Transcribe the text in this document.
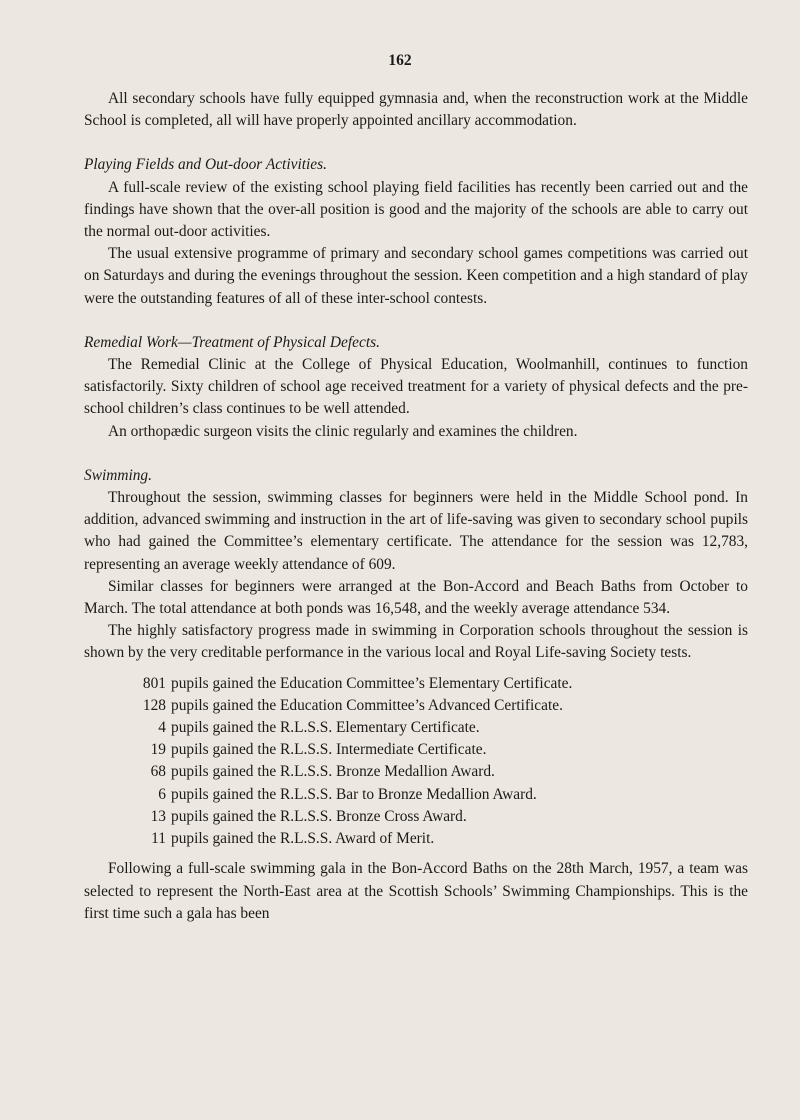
162

All secondary schools have fully equipped gymnasia and, when the reconstruction work at the Middle School is completed, all will have properly appointed ancillary accommodation.

Playing Fields and Out-door Activities.

A full-scale review of the existing school playing field facilities has recently been carried out and the findings have shown that the over-all position is good and the majority of the schools are able to carry out the normal out-door activities.

The usual extensive programme of primary and secondary school games competitions was carried out on Saturdays and during the evenings throughout the session. Keen competition and a high standard of play were the outstanding features of all of these inter-school contests.

Remedial Work—Treatment of Physical Defects.

The Remedial Clinic at the College of Physical Education, Woolmanhill, continues to function satisfactorily. Sixty children of school age received treatment for a variety of physical defects and the pre-school children’s class continues to be well attended.

An orthopædic surgeon visits the clinic regularly and examines the children.

Swimming.

Throughout the session, swimming classes for beginners were held in the Middle School pond. In addition, advanced swimming and instruction in the art of life-saving was given to secondary school pupils who had gained the Committee’s elementary certificate. The attendance for the session was 12,783, representing an average weekly attendance of 609.

Similar classes for beginners were arranged at the Bon-Accord and Beach Baths from October to March. The total attendance at both ponds was 16,548, and the weekly average attendance 534.

The highly satisfactory progress made in swimming in Corporation schools throughout the session is shown by the very creditable performance in the various local and Royal Life-saving Society tests.

801 pupils gained the Education Committee’s Elementary Certificate.
128 pupils gained the Education Committee’s Advanced Certificate.
4 pupils gained the R.L.S.S. Elementary Certificate.
19 pupils gained the R.L.S.S. Intermediate Certificate.
68 pupils gained the R.L.S.S. Bronze Medallion Award.
6 pupils gained the R.L.S.S. Bar to Bronze Medallion Award.
13 pupils gained the R.L.S.S. Bronze Cross Award.
11 pupils gained the R.L.S.S. Award of Merit.

Following a full-scale swimming gala in the Bon-Accord Baths on the 28th March, 1957, a team was selected to represent the North-East area at the Scottish Schools’ Swimming Championships. This is the first time such a gala has been
